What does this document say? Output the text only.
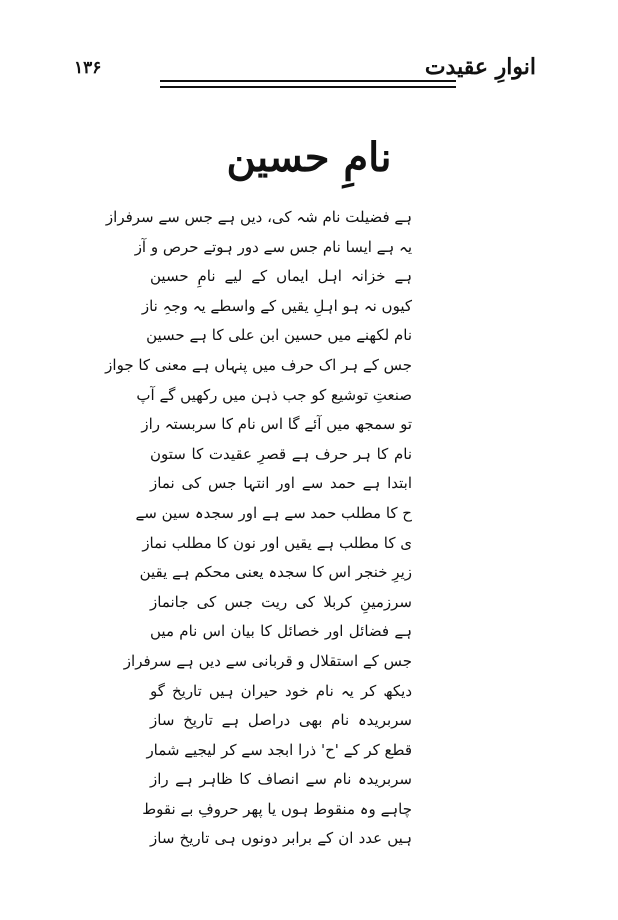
انوارِ عقیدت
۱۳۶
نامِ حسین
ہے فضیلت نام شہ کی، دیں ہے جس سے سرفراز
یہ ہے ایسا نام جس سے دور ہوتے حرص و آز
ہے خزانہ اہل ایماں کے لیے نامِ حسین
کیوں نہ ہو اہلِ یقیں کے واسطے یہ وجہِ ناز
نام لکھنے میں حسین ابن علی کا ہے حسین
جس کے ہر اک حرف میں پنہاں ہے معنی کا جواز
صنعتِ توشیع کو جب ذہن میں رکھیں گے آپ
تو سمجھ میں آئے گا اس نام کا سربستہ راز
نام کا ہر حرف ہے قصرِ عقیدت کا ستون
ابتدا ہے حمد سے اور انتہا جس کی نماز
ح کا مطلب حمد سے ہے اور سجدہ سین سے
ی کا مطلب ہے یقیں اور نون کا مطلب نماز
زیرِ خنجر اس کا سجدہ یعنی محکم ہے یقین
سرزمینِ کربلا کی ریت جس کی جانماز
ہے فضائل اور خصائل کا بیان اس نام میں
جس کے استقلال و قربانی سے دیں ہے سرفراز
دیکھ کر یہ نام خود حیران ہیں تاریخ گو
سربریدہ نام بھی دراصل ہے تاریخ ساز
قطع کر کے 'ح' ذرا ابجد سے کر لیجیے شمار
سربریدہ نام سے انصاف کا ظاہر ہے راز
چاہے وہ منقوط ہوں یا پھر حروفِ بے نقوط
ہیں عدد ان کے برابر دونوں ہی تاریخ ساز
